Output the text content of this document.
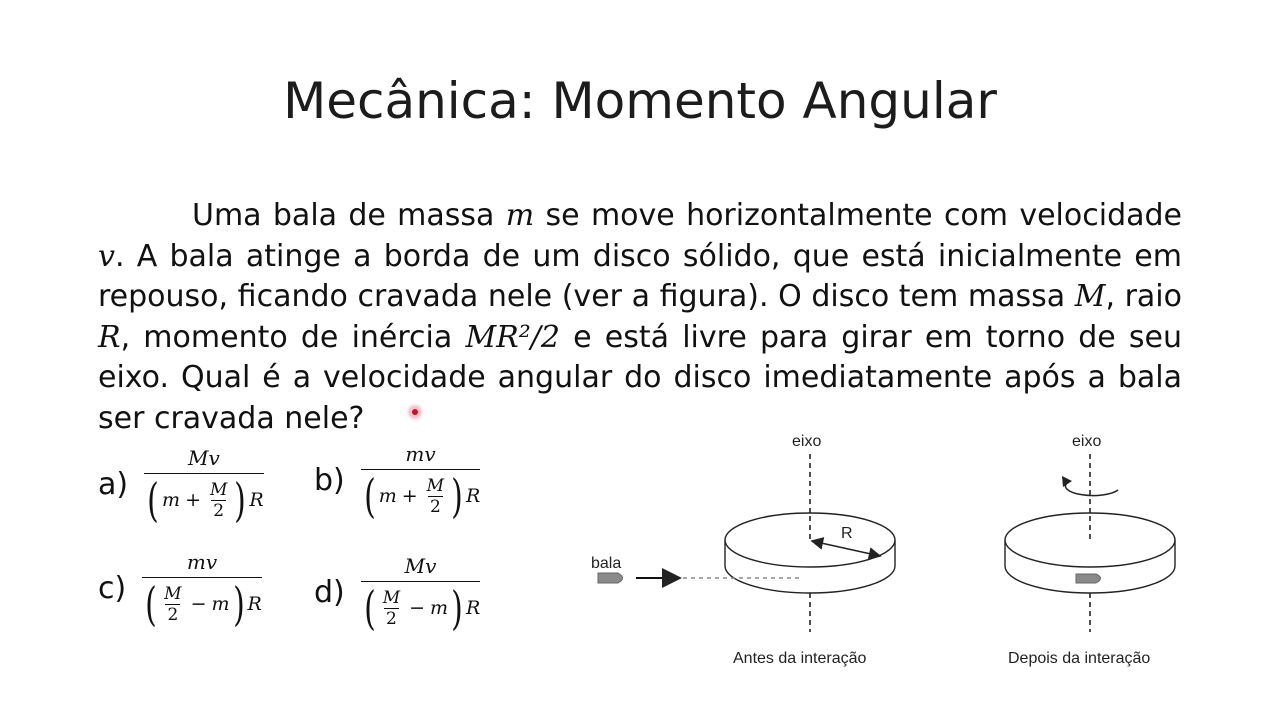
Mecânica: Momento Angular

Uma bala de massa m se move horizontalmente com velocidade v. A bala atinge a borda de um disco sólido, que está inicialmente em repouso, ficando cravada nele (ver a figura). O disco tem massa M, raio R, momento de inércia MR²/2 e está livre para girar em torno de seu eixo. Qual é a velocidade angular do disco imediatamente após a bala ser cravada nele?

a)
Mv
( $m + \frac{M}{2}$ ) R
b)
mv
( $m + \frac{M}{2}$ ) R
c)
mv
( $\frac{M}{2} - m$ ) R d)
Mv
( $\frac{M}{2} - m$ ) R
R
eixo
Antes da interação
bala
eixo
Depois da interação
